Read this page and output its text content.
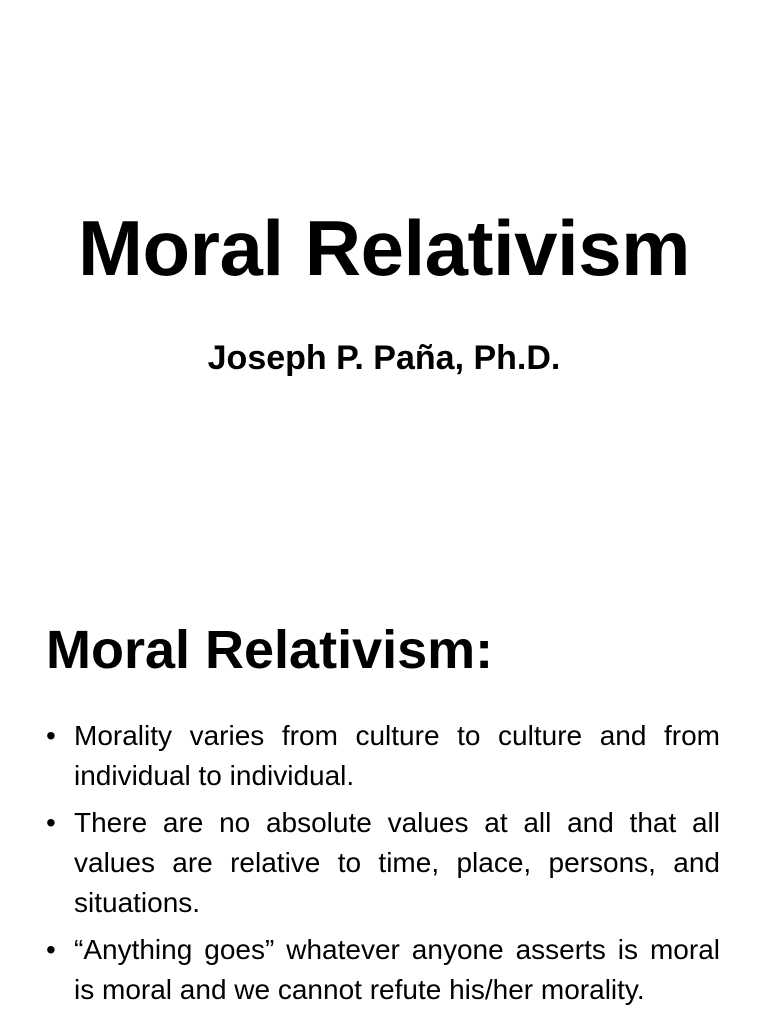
Moral Relativism

Joseph P. Paña, Ph.D.

Moral Relativism:
• Morality varies from culture to culture and from individual to individual.
• There are no absolute values at all and that all values are relative to time, place, persons, and situations.
• “Anything goes” whatever anyone asserts is moral is moral and we cannot refute his/her morality.
